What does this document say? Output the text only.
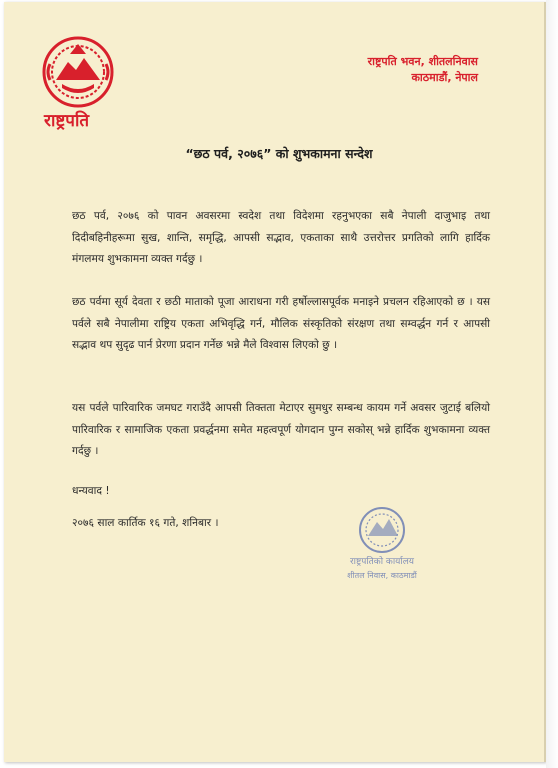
राष्ट्रपति
राष्ट्रपति भवन, शीतलनिवास
काठमाडौं, नेपाल
“छठ पर्व, २०७६” को शुभकामना सन्देश
छठ पर्व, २०७६ को पावन अवसरमा स्वदेश तथा विदेशमा रहनुभएका सबै नेपाली दाजुभाइ तथा दिदीबहिनीहरूमा सुख, शान्ति, समृद्धि, आपसी सद्भाव, एकताका साथै उत्तरोत्तर प्रगतिको लागि हार्दिक मंगलमय शुभकामना व्यक्त गर्दछु ।
छठ पर्वमा सूर्य देवता र छठी माताको पूजा आराधना गरी हर्षोल्लासपूर्वक मनाइने प्रचलन रहिआएको छ । यस पर्वले सबै नेपालीमा राष्ट्रिय एकता अभिवृद्धि गर्न, मौलिक संस्कृतिको संरक्षण तथा सम्वर्द्धन गर्न र आपसी सद्भाव थप सुदृढ पार्न प्रेरणा प्रदान गर्नेछ भन्ने मैले विश्वास लिएको छु ।
यस पर्वले पारिवारिक जमघट गराउँदै आपसी तिक्तता मेटाएर सुमधुर सम्बन्ध कायम गर्ने अवसर जुटाई बलियो पारिवारिक र सामाजिक एकता प्रवर्द्धनमा समेत महत्वपूर्ण योगदान पुग्न सकोस् भन्ने हार्दिक शुभकामना व्यक्त गर्दछु ।
धन्यवाद !
२०७६ साल कार्तिक १६ गते, शनिबार ।
राष्ट्रपतिको कार्यालय
शीतल निवास, काठमाडौं
